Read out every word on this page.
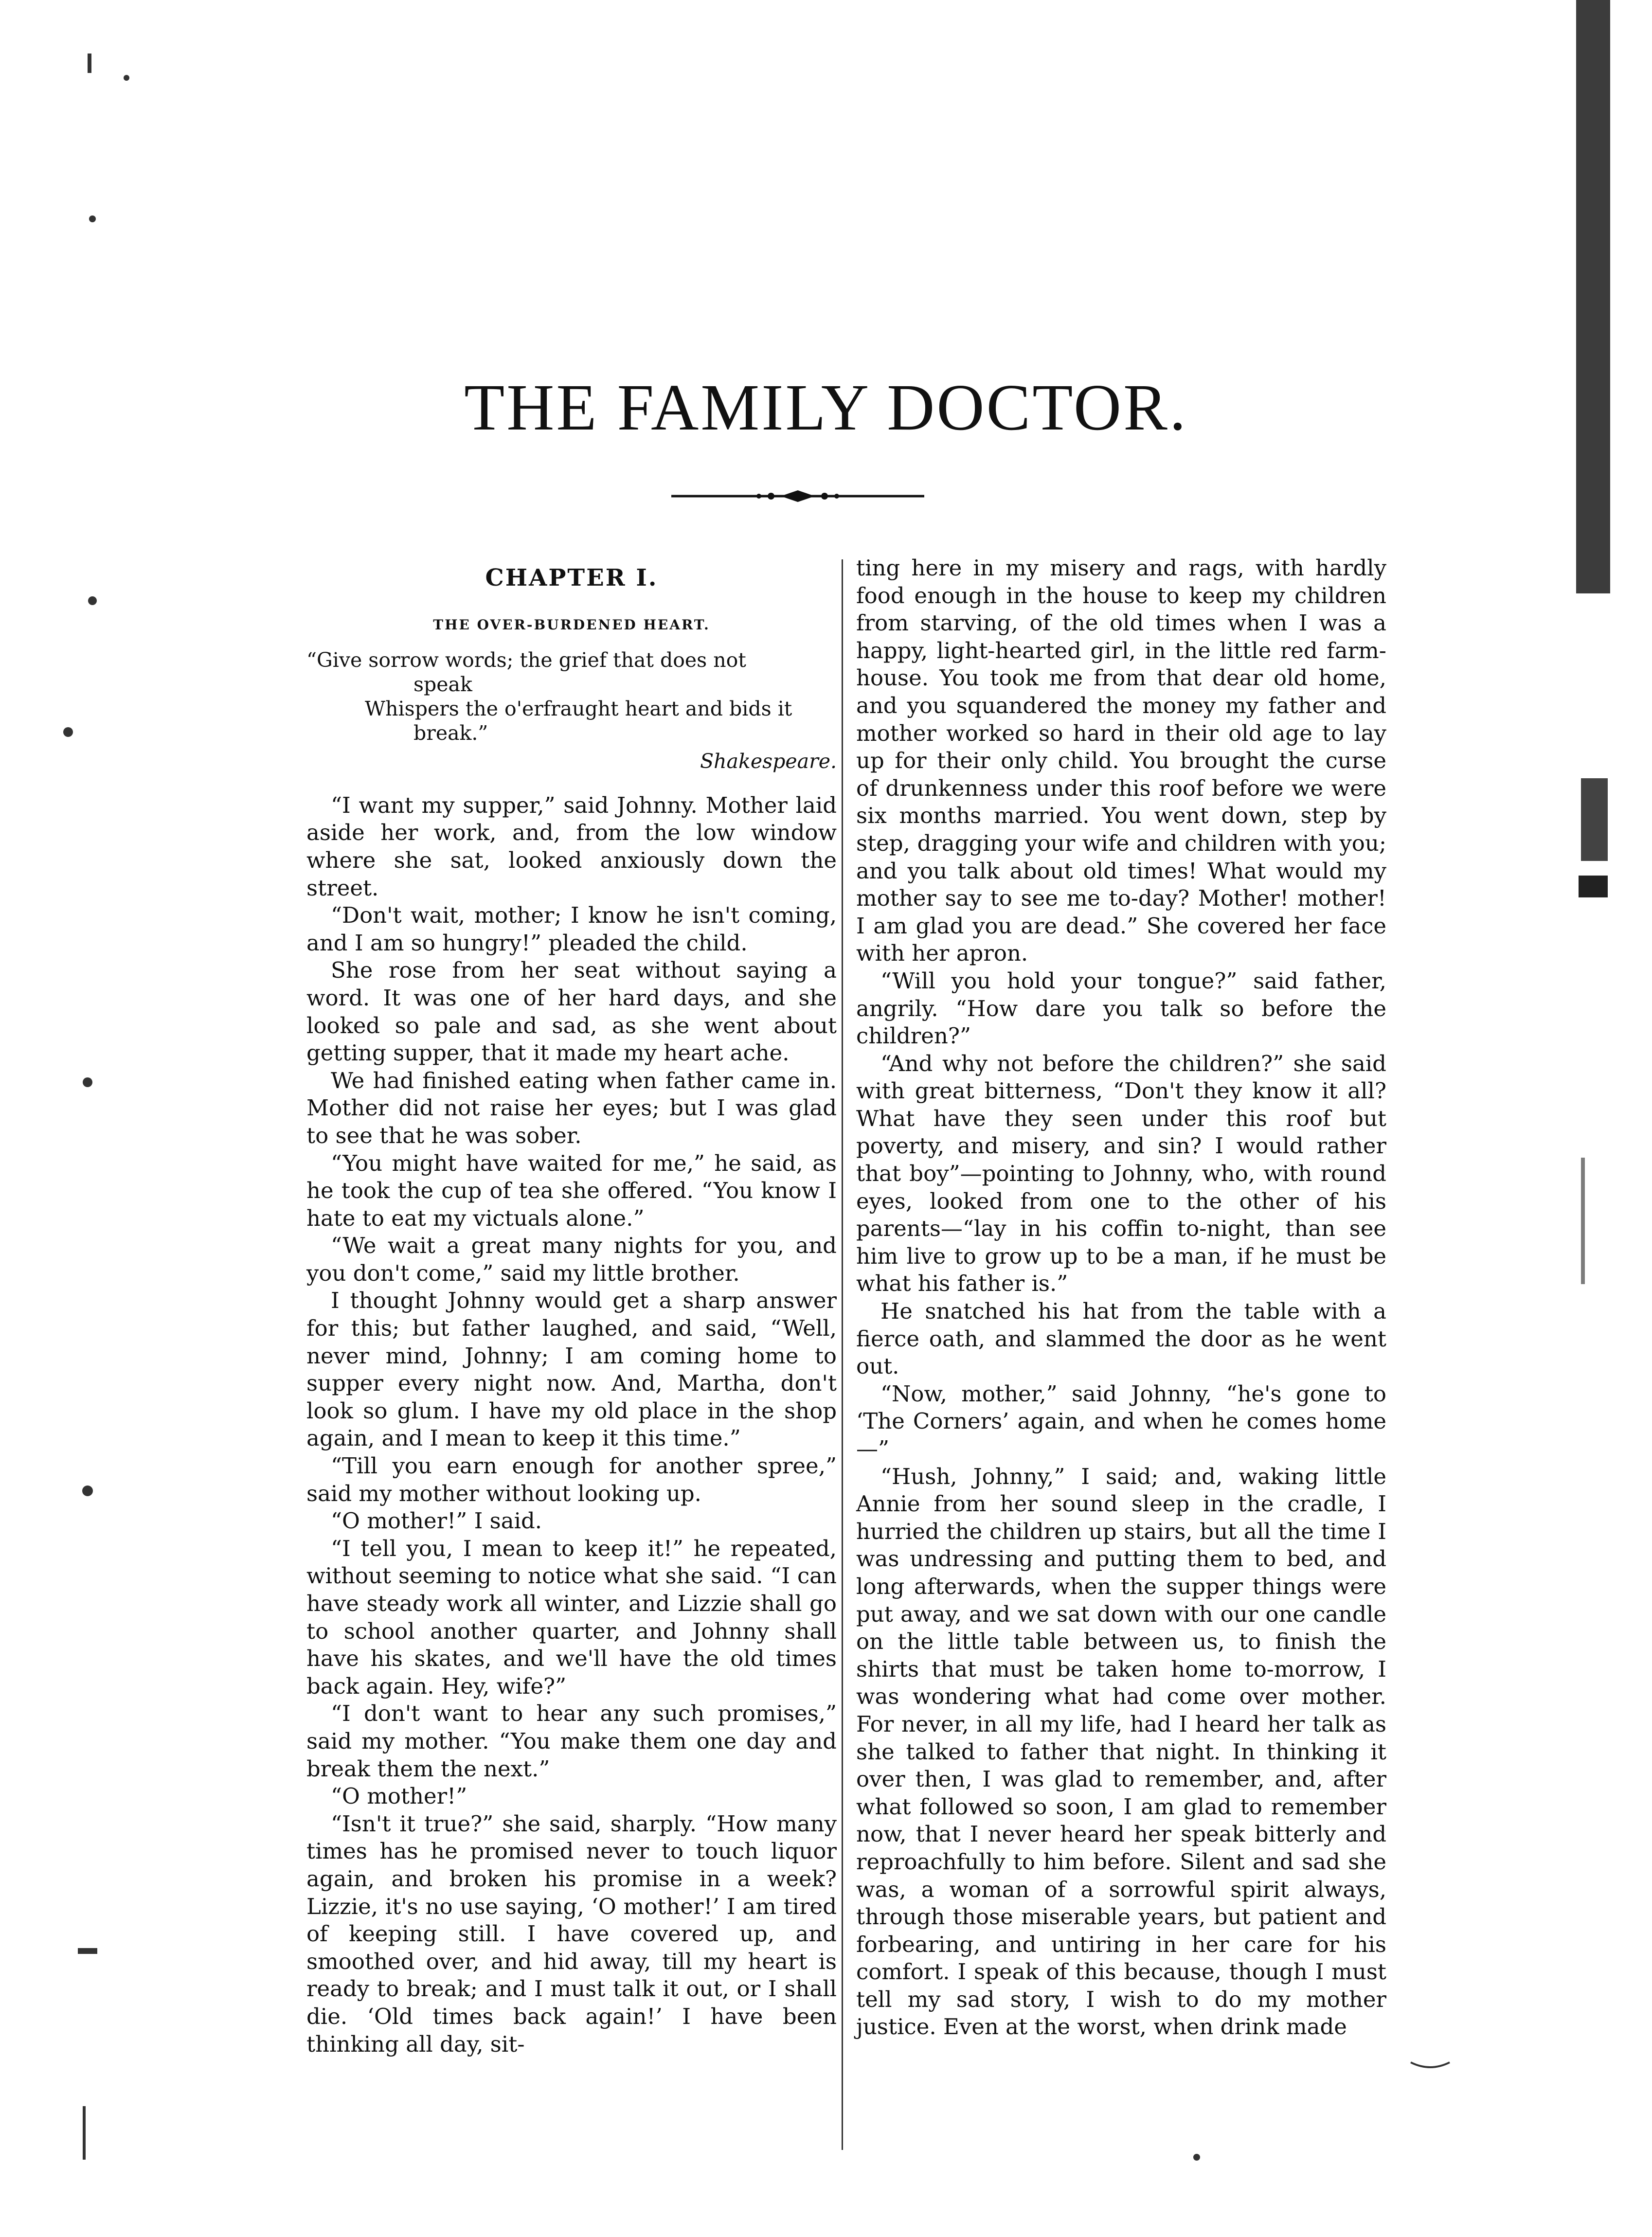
THE FAMILY DOCTOR.
CHAPTER I.
THE OVER-BURDENED HEART.
“Give sorrow words; the grief that does not
speak
Whispers the o'erfraught heart and bids it
break.”
Shakespeare.

“I want my supper,” said Johnny. Mother laid aside her work, and, from the low window where she sat, looked anxiously down the street.

“Don't wait, mother; I know he isn't coming, and I am so hungry!” pleaded the child.

She rose from her seat without saying a word. It was one of her hard days, and she looked so pale and sad, as she went about getting supper, that it made my heart ache.

We had finished eating when father came in. Mother did not raise her eyes; but I was glad to see that he was sober.

“You might have waited for me,” he said, as he took the cup of tea she offered. “You know I hate to eat my victuals alone.”

“We wait a great many nights for you, and you don't come,” said my little brother.

I thought Johnny would get a sharp answer for this; but father laughed, and said, “Well, never mind, Johnny; I am coming home to supper every night now. And, Martha, don't look so glum. I have my old place in the shop again, and I mean to keep it this time.”

“Till you earn enough for another spree,” said my mother without looking up.

“O mother!” I said.

“I tell you, I mean to keep it!” he repeated, without seeming to notice what she said. “I can have steady work all winter, and Lizzie shall go to school another quarter, and Johnny shall have his skates, and we'll have the old times back again. Hey, wife?”

“I don't want to hear any such promises,” said my mother. “You make them one day and break them the next.”

“O mother!”

“Isn't it true?” she said, sharply. “How many times has he promised never to touch liquor again, and broken his promise in a week? Lizzie, it's no use saying, ‘O mother!’ I am tired of keeping still. I have covered up, and smoothed over, and hid away, till my heart is ready to break; and I must talk it out, or I shall die. ‘Old times back again!’ I have been thinking all day, sit-

ting here in my misery and rags, with hardly food enough in the house to keep my children from starving, of the old times when I was a happy, light-hearted girl, in the little red farm-house. You took me from that dear old home, and you squandered the money my father and mother worked so hard in their old age to lay up for their only child. You brought the curse of drunkenness under this roof before we were six months married. You went down, step by step, dragging your wife and children with you; and you talk about old times! What would my mother say to see me to-day? Mother! mother! I am glad you are dead.” She covered her face with her apron.

“Will you hold your tongue?” said father, angrily. “How dare you talk so before the children?”

“And why not before the children?” she said with great bitterness, “Don't they know it all? What have they seen under this roof but poverty, and misery, and sin? I would rather that boy”—pointing to Johnny, who, with round eyes, looked from one to the other of his parents—“lay in his coffin to-night, than see him live to grow up to be a man, if he must be what his father is.”

He snatched his hat from the table with a fierce oath, and slammed the door as he went out.

“Now, mother,” said Johnny, “he's gone to ‘The Corners’ again, and when he comes home—”

“Hush, Johnny,” I said; and, waking little Annie from her sound sleep in the cradle, I hurried the children up stairs, but all the time I was undressing and putting them to bed, and long afterwards, when the supper things were put away, and we sat down with our one candle on the little table between us, to finish the shirts that must be taken home to-morrow, I was wondering what had come over mother. For never, in all my life, had I heard her talk as she talked to father that night. In thinking it over then, I was glad to remember, and, after what followed so soon, I am glad to remember now, that I never heard her speak bitterly and reproachfully to him before. Silent and sad she was, a woman of a sorrowful spirit always, through those miserable years, but patient and forbearing, and untiring in her care for his comfort. I speak of this because, though I must tell my sad story, I wish to do my mother justice. Even at the worst, when drink made
